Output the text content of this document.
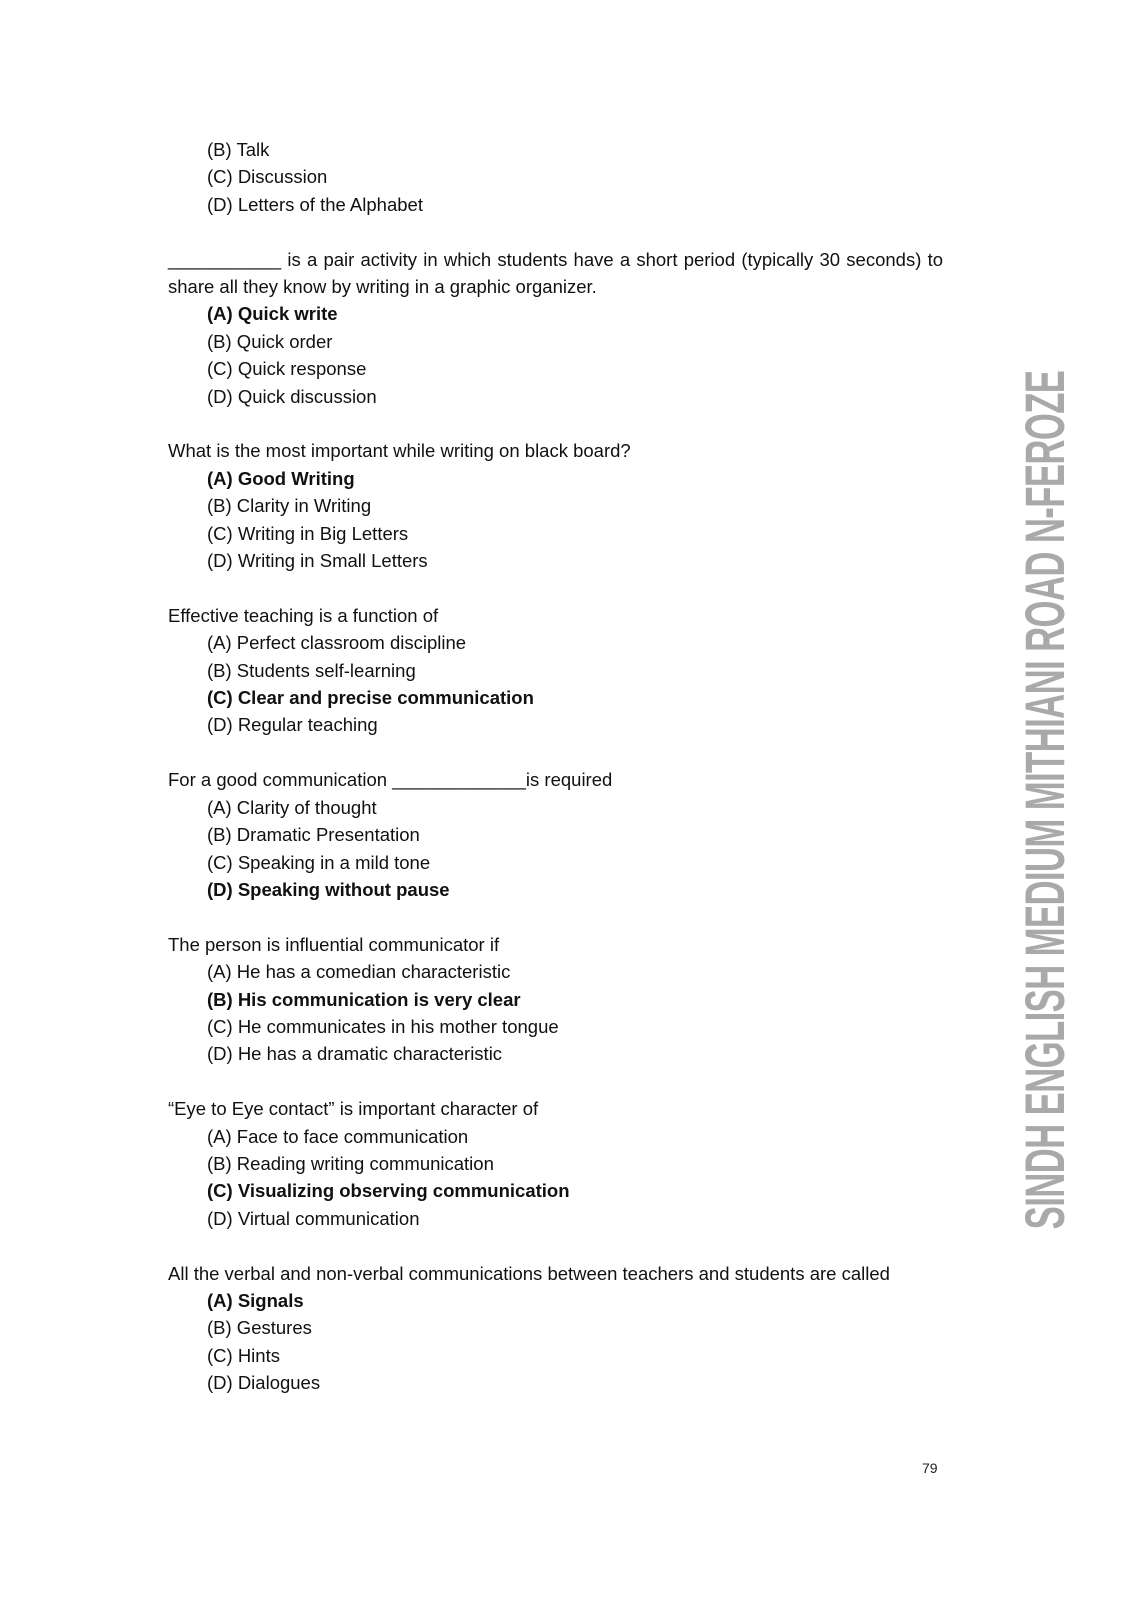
(B) Talk
(C) Discussion
(D) Letters of the Alphabet
___________ is a pair activity in which students have a short period (typically 30 seconds) to share all they know by writing in a graphic organizer.
(A) Quick write
(B) Quick order
(C) Quick response
(D) Quick discussion
What is the most important while writing on black board?
(A) Good Writing
(B) Clarity in Writing
(C) Writing in Big Letters
(D) Writing in Small Letters
Effective teaching is a function of
(A) Perfect classroom discipline
(B) Students self-learning
(C) Clear and precise communication
(D) Regular teaching
For a good communication _____________is required
(A) Clarity of thought
(B) Dramatic Presentation
(C) Speaking in a mild tone
(D) Speaking without pause
The person is influential communicator if
(A) He has a comedian characteristic
(B) His communication is very clear
(C) He communicates in his mother tongue
(D) He has a dramatic characteristic
“Eye to Eye contact” is important character of
(A) Face to face communication
(B) Reading writing communication
(C) Visualizing observing communication
(D) Virtual communication
All the verbal and non-verbal communications between teachers and students are called
(A) Signals
(B) Gestures
(C) Hints
(D) Dialogues
79
SINDH ENGLISH MEDIUM MITHIANI ROAD N-FEROZE
